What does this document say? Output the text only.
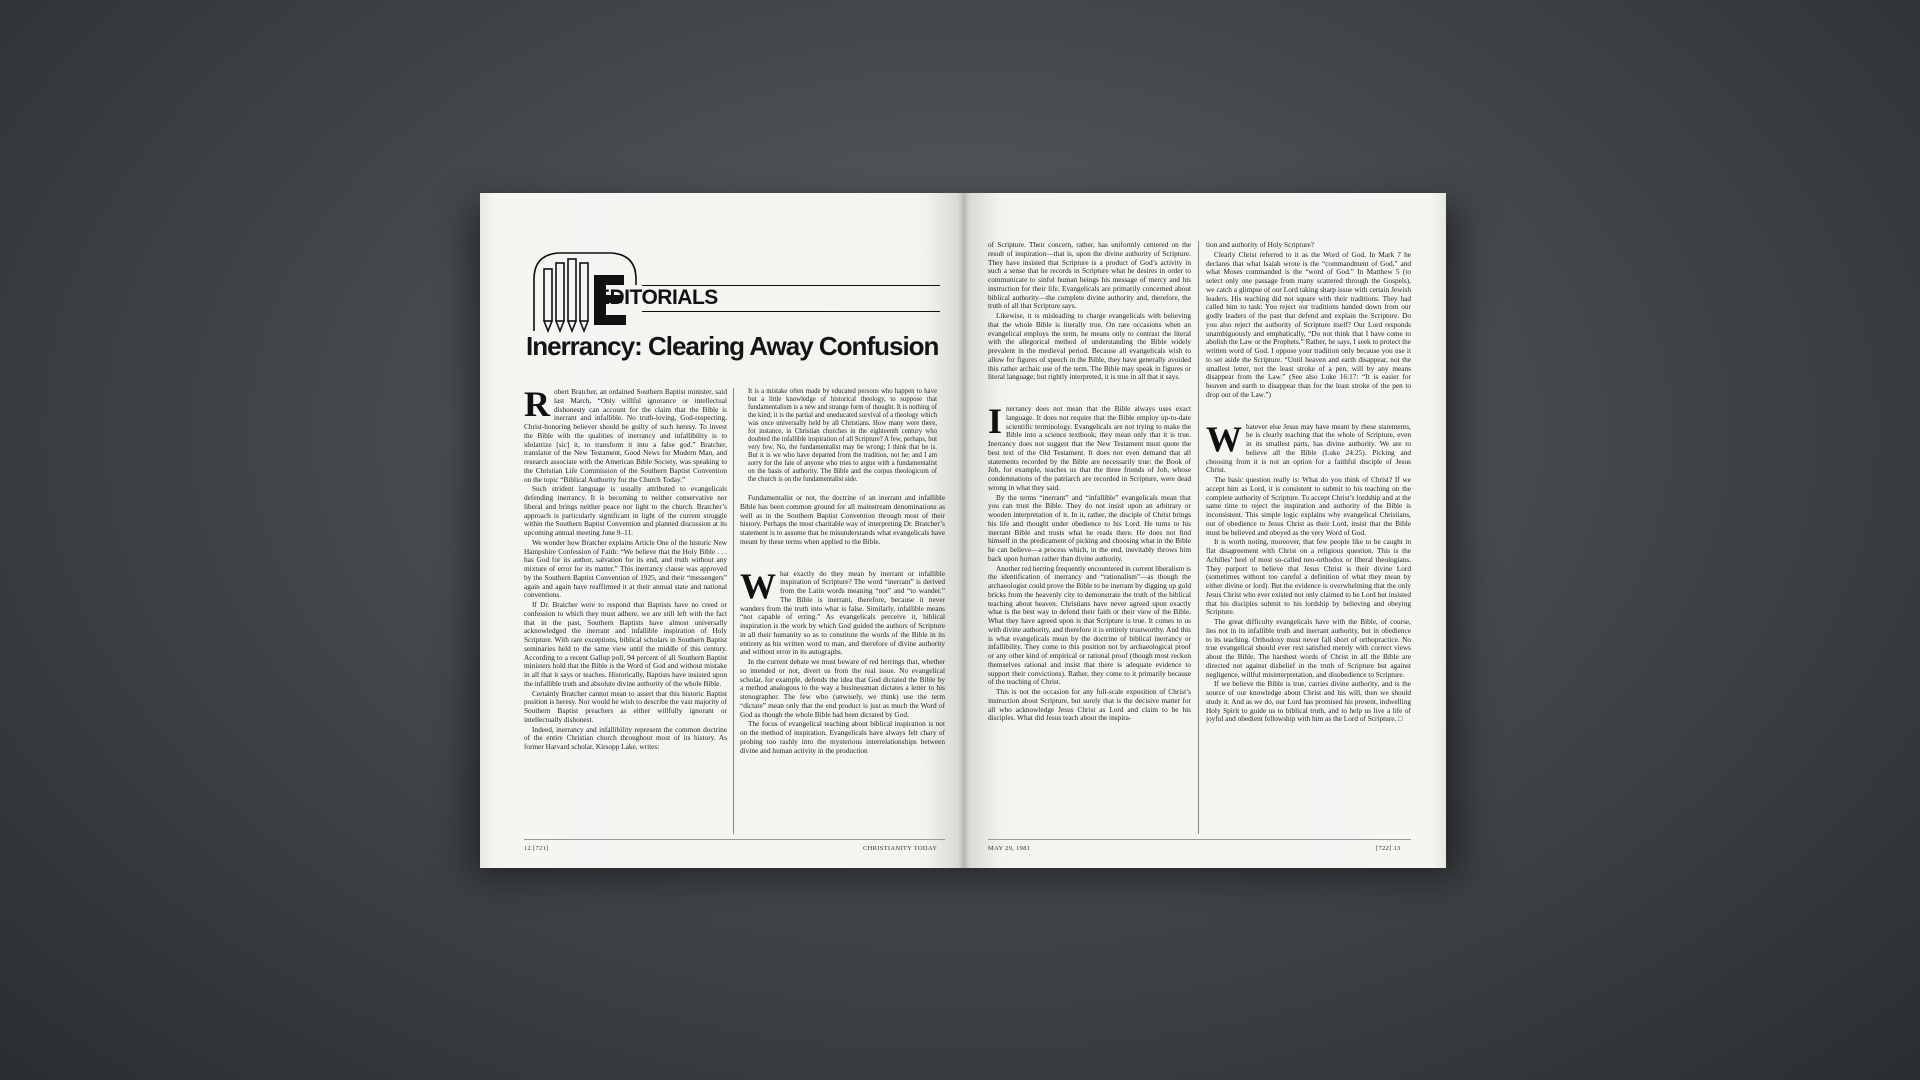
EDITORIALS
Inerrancy: Clearing Away Confusion

Robert Bratcher, an ordained Southern Baptist minister, said last March, “Only willful ignorance or intellectual dishonesty can account for the claim that the Bible is inerrant and infallible. No truth-loving, God-respecting, Christ-honoring believer should be guilty of such heresy. To invest the Bible with the qualities of inerrancy and infallibility is to idolatrize [sic] it, to transform it into a false god.” Bratcher, translator of the New Testament, Good News for Modern Man, and research associate with the American Bible Society, was speaking to the Christian Life Commission of the Southern Baptist Convention on the topic “Biblical Authority for the Church Today.”

Such strident language is usually attributed to evangelicals defending inerrancy. It is becoming to neither conservative nor liberal and brings neither peace nor light to the church. Bratcher’s approach is particularly significant in light of the current struggle within the Southern Baptist Convention and planned discussion at its upcoming annual meeting June 9–11.

We wonder how Bratcher explains Article One of the historic New Hampshire Confession of Faith: “We believe that the Holy Bible . . . has God for its author, salvation for its end, and truth without any mixture of error for its matter.” This inerrancy clause was approved by the Southern Baptist Convention of 1925, and their “messengers” again and again have reaffirmed it at their annual state and national conventions.

If Dr. Bratcher were to respond that Baptists have no creed or confession to which they must adhere, we are still left with the fact that in the past, Southern Baptists have almost universally acknowledged the inerrant and infallible inspiration of Holy Scripture. With rare exceptions, biblical scholars in Southern Baptist seminaries held to the same view until the middle of this century. According to a recent Gallup poll, 94 percent of all Southern Baptist ministers hold that the Bible is the Word of God and without mistake in all that it says or teaches. Historically, Baptists have insisted upon the infallible truth and absolute divine authority of the whole Bible.

Certainly Bratcher cannot mean to assert that this historic Baptist position is heresy. Nor would he wish to describe the vast majority of Southern Baptist preachers as either willfully ignorant or intellectually dishonest.

Indeed, inerrancy and infallibility represent the common doctrine of the entire Christian church throughout most of its history. As former Harvard scholar, Kirsopp Lake, writes:

It is a mistake often made by educated persons who happen to have but a little knowledge of historical theology, to suppose that fundamentalism is a new and strange form of thought. It is nothing of the kind; it is the partial and uneducated survival of a theology which was once universally held by all Christians. How many were there, for instance, in Christian churches in the eighteenth century who doubted the infallible inspiration of all Scripture? A few, perhaps, but very few. No, the fundamentalist may be wrong; I think that he is. But it is we who have departed from the tradition, not he; and I am sorry for the fate of anyone who tries to argue with a fundamentalist on the basis of authority. The Bible and the corpus theologicum of the church is on the fundamentalist side.

Fundamentalist or not, the doctrine of an inerrant and infallible Bible has been common ground for all mainstream denominations as well as in the Southern Baptist Convention through most of their history. Perhaps the most charitable way of interpreting Dr. Bratcher’s statement is to assume that he misunderstands what evangelicals have meant by these terms when applied to the Bible.

What exactly do they mean by inerrant or infallible inspiration of Scripture? The word “inerrant” is derived from the Latin words meaning “not” and “to wander.” The Bible is inerrant, therefore, because it never wanders from the truth into what is false. Similarly, infallible means “not capable of erring.” As evangelicals perceive it, biblical inspiration is the work by which God guided the authors of Scripture in all their humanity so as to constitute the words of the Bible in its entirety as his written word to man, and therefore of divine authority and without error in its autographs.

In the current debate we must beware of red herrings that, whether so intended or not, divert us from the real issue. No evangelical scholar, for example, defends the idea that God dictated the Bible by a method analogous to the way a businessman dictates a letter to his stenographer. The few who (unwisely, we think) use the term “dictate” mean only that the end product is just as much the Word of God as though the whole Bible had been dictated by God.

The focus of evangelical teaching about biblical inspiration is not on the method of inspiration. Evangelicals have always felt chary of probing too rashly into the mysterious interrelationships between divine and human activity in the production

12 [721]	CHRISTIANITY TODAY

of Scripture. Their concern, rather, has uniformly centered on the result of inspiration—that is, upon the divine authority of Scripture. They have insisted that Scripture is a product of God’s activity in such a sense that he records in Scripture what he desires in order to communicate to sinful human beings his message of mercy and his instruction for their life. Evangelicals are primarily concerned about biblical authority—the complete divine authority and, therefore, the truth of all that Scripture says.

Likewise, it is misleading to charge evangelicals with believing that the whole Bible is literally true. On rare occasions when an evangelical employs the term, he means only to contrast the literal with the allegorical method of understanding the Bible widely prevalent in the medieval period. Because all evangelicals wish to allow for figures of speech in the Bible, they have generally avoided this rather archaic use of the term. The Bible may speak in figures or literal language; but rightly interpreted, it is true in all that it says.

Inerrancy does not mean that the Bible always uses exact language. It does not require that the Bible employ up-to-date scientific terminology. Evangelicals are not trying to make the Bible into a science textbook; they mean only that it is true. Inerrancy does not suggest that the New Testament must quote the best text of the Old Testament. It does not even demand that all statements recorded by the Bible are necessarily true: the Book of Job, for example, teaches us that the three friends of Job, whose condemnations of the patriarch are recorded in Scripture, were dead wrong in what they said.

By the terms “inerrant” and “infallible” evangelicals mean that you can trust the Bible. They do not insist upon an arbitrary or wooden interpretation of it. In it, rather, the disciple of Christ brings his life and thought under obedience to his Lord. He turns to his inerrant Bible and trusts what he reads there. He does not find himself in the predicament of picking and choosing what in the Bible he can believe—a process which, in the end, inevitably throws him back upon human rather than divine authority.

Another red herring frequently encountered in current liberalism is the identification of inerrancy and “rationalism”—as though the archaeologist could prove the Bible to be inerrant by digging up gold bricks from the heavenly city to demonstrate the truth of the biblical teaching about heaven. Christians have never agreed upon exactly what is the best way to defend their faith or their view of the Bible. What they have agreed upon is that Scripture is true. It comes to us with divine authority, and therefore it is entirely trustworthy. And this is what evangelicals mean by the doctrine of biblical inerrancy or infallibility. They come to this position not by archaeological proof or any other kind of empirical or rational proof (though most reckon themselves rational and insist that there is adequate evidence to support their convictions). Rather, they come to it primarily because of the teaching of Christ.

This is not the occasion for any full-scale exposition of Christ’s instruction about Scripture, but surely that is the decisive matter for all who acknowledge Jesus Christ as Lord and claim to be his disciples. What did Jesus teach about the inspira-

tion and authority of Holy Scripture?

Clearly Christ referred to it as the Word of God. In Mark 7 he declares that what Isaiah wrote is the “commandment of God,” and what Moses commanded is the “word of God.” In Matthew 5 (to select only one passage from many scattered through the Gospels), we catch a glimpse of our Lord taking sharp issue with certain Jewish leaders. His teaching did not square with their traditions. They had called him to task: You reject our traditions handed down from our godly leaders of the past that defend and explain the Scripture. Do you also reject the authority of Scripture itself? Our Lord responds unambiguously and emphatically, “Do not think that I have come to abolish the Law or the Prophets.” Rather, he says, I seek to protect the written word of God. I oppose your tradition only because you use it to set aside the Scripture. “Until heaven and earth disappear, not the smallest letter, not the least stroke of a pen, will by any means disappear from the Law.” (See also Luke 16:17: “It is easier for heaven and earth to disappear than for the least stroke of the pen to drop out of the Law.”)

Whatever else Jesus may have meant by these statements, he is clearly teaching that the whole of Scripture, even in its smallest parts, has divine authority. We are to believe all the Bible (Luke 24:25). Picking and choosing from it is not an option for a faithful disciple of Jesus Christ.

The basic question really is: What do you think of Christ? If we accept him as Lord, it is consistent to submit to his teaching on the complete authority of Scripture. To accept Christ’s lordship and at the same time to reject the inspiration and authority of the Bible is inconsistent. This simple logic explains why evangelical Christians, out of obedience to Jesus Christ as their Lord, insist that the Bible must be believed and obeyed as the very Word of God.

It is worth noting, moreover, that few people like to be caught in flat disagreement with Christ on a religious question. This is the Achilles’ heel of most so-called neo-orthodox or liberal theologians. They purport to believe that Jesus Christ is their divine Lord (sometimes without too careful a definition of what they mean by either divine or lord). But the evidence is overwhelming that the only Jesus Christ who ever existed not only claimed to be Lord but insisted that his disciples submit to his lordship by believing and obeying Scripture.

The great difficulty evangelicals have with the Bible, of course, lies not in its infallible truth and inerrant authority, but in obedience to its teaching. Orthodoxy must never fall short of orthopractice. No true evangelical should ever rest satisfied merely with correct views about the Bible. The harshest words of Christ in all the Bible are directed not against disbelief in the truth of Scripture but against negligence, willful misinterpretation, and disobedience to Scripture.

If we believe the Bible is true, carries divine authority, and is the source of our knowledge about Christ and his will, then we should study it. And as we do, our Lord has promised his present, indwelling Holy Spirit to guide us to biblical truth, and to help us live a life of joyful and obedient fellowship with him as the Lord of Scripture. □

MAY 29, 1981	[722] 13
